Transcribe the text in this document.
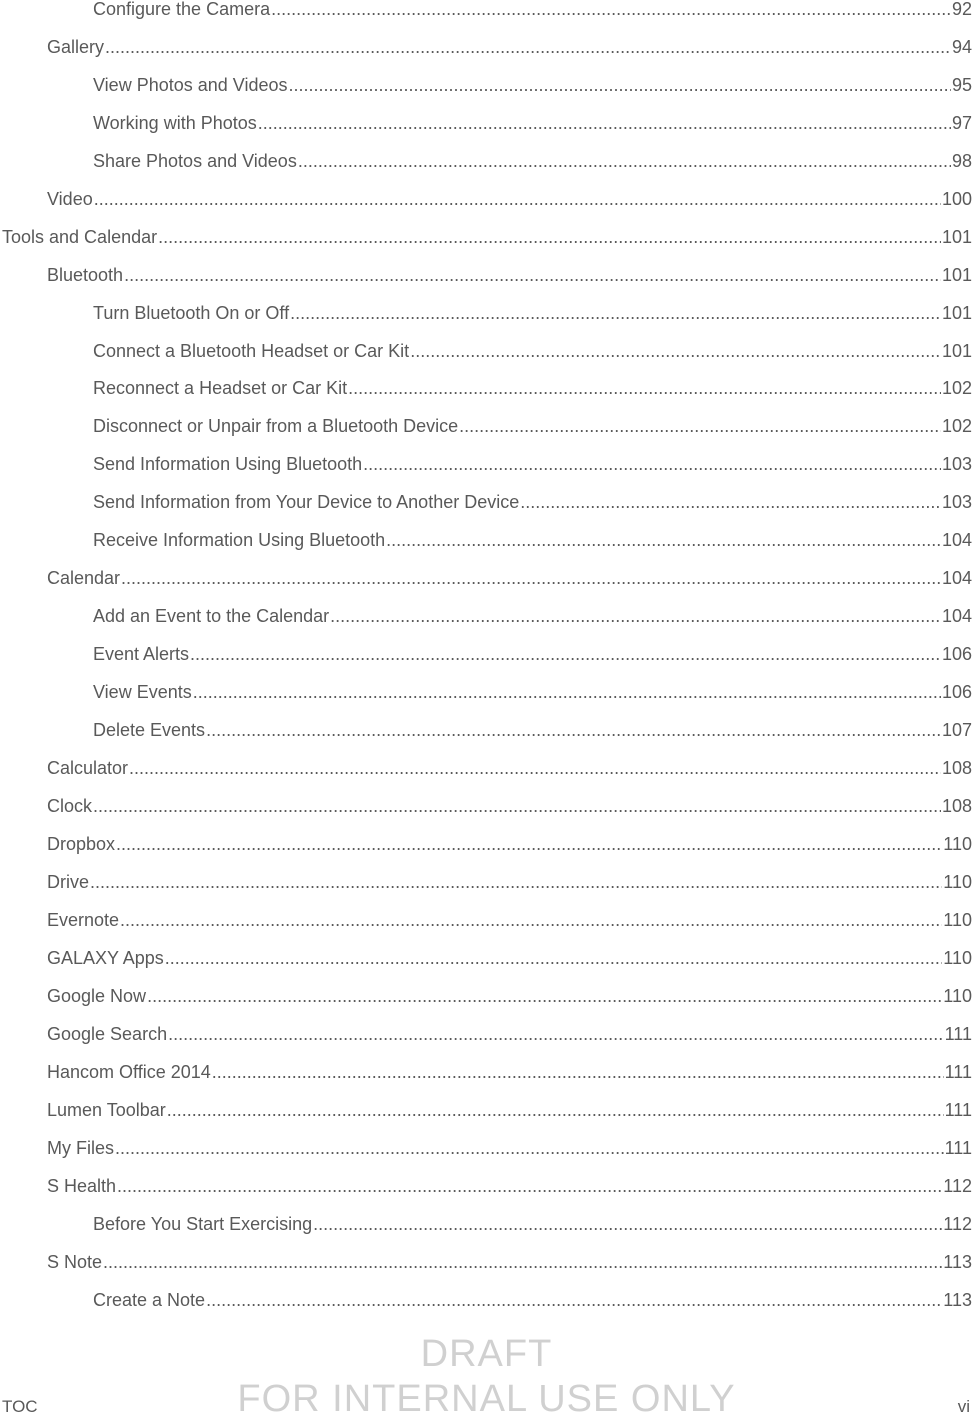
Configure the Camera .....	92
Gallery .....	94
View Photos and Videos .....	95
Working with Photos .....	97
Share Photos and Videos .....	98
Video .....	100
Tools and Calendar .....	101
Bluetooth .....	101
Turn Bluetooth On or Off .....	101
Connect a Bluetooth Headset or Car Kit .....	101
Reconnect a Headset or Car Kit .....	102
Disconnect or Unpair from a Bluetooth Device .....	102
Send Information Using Bluetooth .....	103
Send Information from Your Device to Another Device .....	103
Receive Information Using Bluetooth .....	104
Calendar .....	104
Add an Event to the Calendar .....	104
Event Alerts .....	106
View Events .....	106
Delete Events .....	107
Calculator .....	108
Clock .....	108
Dropbox .....	110
Drive .....	110
Evernote .....	110
GALAXY Apps .....	110
Google Now .....	110
Google Search .....	111
Hancom Office 2014 .....	111
Lumen Toolbar .....	111
My Files .....	111
S Health .....	112
Before You Start Exercising .....	112
S Note .....	113
Create a Note .....	113
DRAFT
FOR INTERNAL USE ONLY
TOC	vi
